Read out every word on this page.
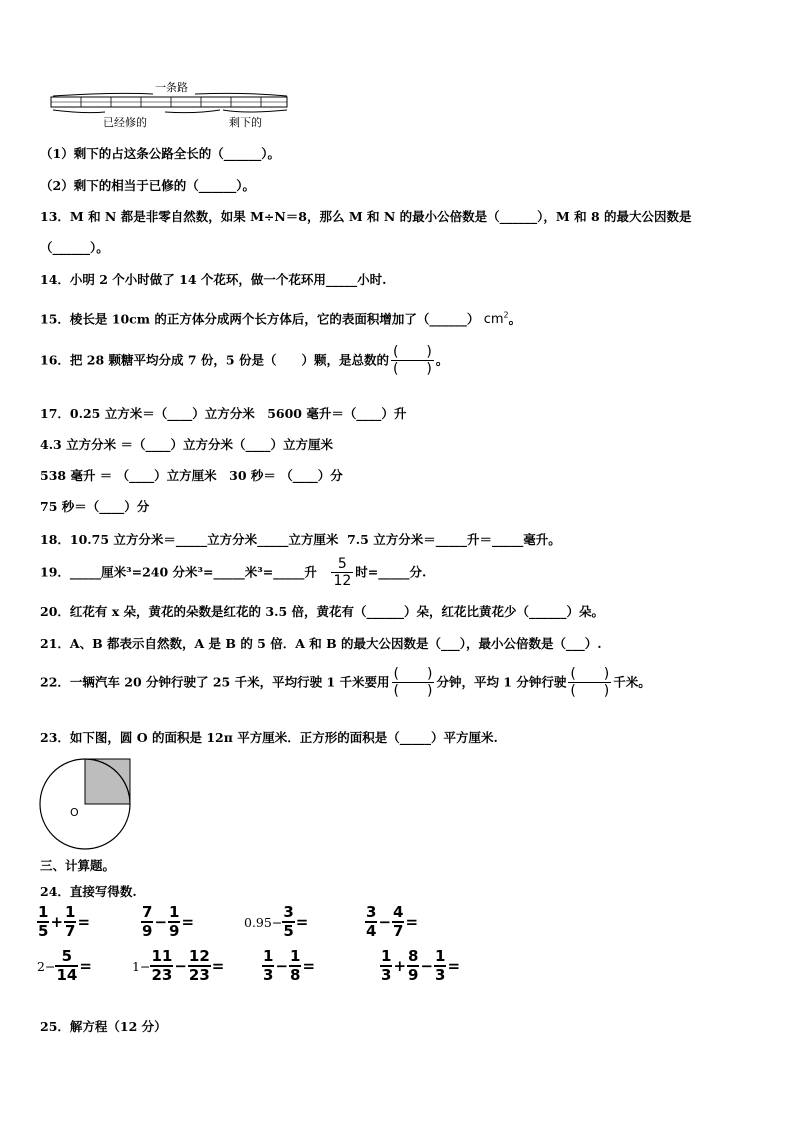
一条路
已经修的	剩下的
（1）剩下的占这条公路全长的（______）。
（2）剩下的相当于已修的（______）。
13．M 和 N 都是非零自然数，如果 M÷N＝8，那么 M 和 N 的最小公倍数是（______），M 和 8 的最大公因数是
（______）。
14．小明 2 个小时做了 14 个花环，做一个花环用_____小时.
15．棱长是 10cm 的正方体分成两个长方体后，它的表面积增加了（______） $cm^2$。
16．把 28 颗糖平均分成 7 份，5 份是（　　）颗，是总数的 $\frac{( )}{( )}$ 。
17．0.25 立方米＝（____）立方分米　5600 毫升＝（____）升
4.3 立方分米 ＝（____）立方分米（____）立方厘米
538 毫升 ＝ （____）立方厘米　30 秒＝ （____）分
75 秒＝（____）分
18．10.75 立方分米＝_____立方分米_____立方厘米  7.5 立方分米＝_____升＝_____毫升。
19．_____厘米³=240 分米³=_____米³=_____升　 $\frac{5}{12}$ 时=_____分.
20．红花有 x 朵，黄花的朵数是红花的 3.5 倍，黄花有（______）朵，红花比黄花少（______）朵。
21．A、B 都表示自然数，A 是 B 的 5 倍．A 和 B 的最大公因数是（___），最小公倍数是（___）.
22．一辆汽车 20 分钟行驶了 25 千米，平均行驶 1 千米要用 $\frac{( )}{( )}$ 分钟，平均 1 分钟行驶 $\frac{( )}{( )}$ 千米。
23．如下图，圆 O 的面积是 12π 平方厘米．正方形的面积是（_____）平方厘米.
O
三、计算题。
24．直接写得数.
$\frac{1}{5} + \frac{1}{7}$ =	$\frac{7}{9} - \frac{1}{9}$ =	$0.95- \frac{3}{5}$ =	$\frac{3}{4} - \frac{4}{7}$ =
$2- \frac{5}{14}$ =	$1- \frac{11}{23} - \frac{12}{23}$ =	$\frac{1}{3} - \frac{1}{8}$ =	$\frac{1}{3} + \frac{8}{9} - \frac{1}{3}$ =
25．解方程（12 分）
